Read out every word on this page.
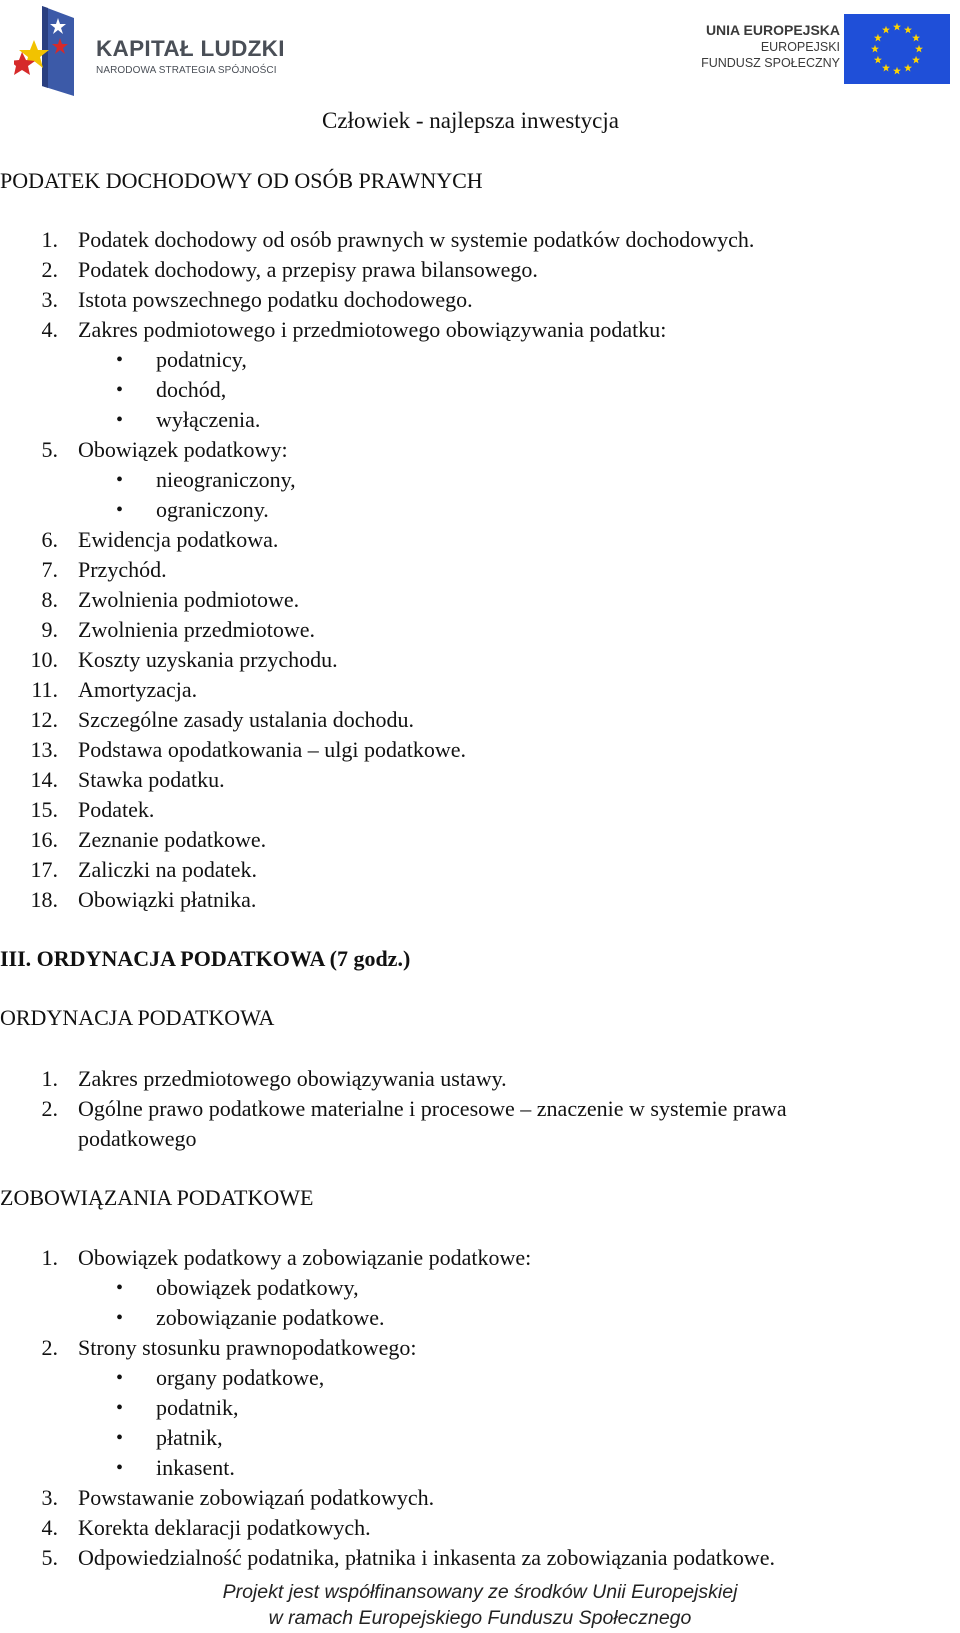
KAPITAŁ LUDZKI
NARODOWA STRATEGIA SPÓJNOŚCI
UNIA EUROPEJSKA
EUROPEJSKI
FUNDUSZ SPOŁECZNY
Człowiek - najlepsza inwestycja
PODATEK DOCHODOWY OD OSÓB PRAWNYCH
1. Podatek dochodowy od osób prawnych w systemie podatków dochodowych.
2. Podatek dochodowy, a przepisy prawa bilansowego.
3. Istota powszechnego podatku dochodowego.
4. Zakres podmiotowego i przedmiotowego obowiązywania podatku:
• podatnicy,
• dochód,
• wyłączenia.
5. Obowiązek podatkowy:
• nieograniczony,
• ograniczony.
6. Ewidencja podatkowa.
7. Przychód.
8. Zwolnienia podmiotowe.
9. Zwolnienia przedmiotowe.
10. Koszty uzyskania przychodu.
11. Amortyzacja.
12. Szczególne zasady ustalania dochodu.
13. Podstawa opodatkowania – ulgi podatkowe.
14. Stawka podatku.
15. Podatek.
16. Zeznanie podatkowe.
17. Zaliczki na podatek.
18. Obowiązki płatnika.
III. ORDYNACJA PODATKOWA (7 godz.)
ORDYNACJA PODATKOWA
1. Zakres przedmiotowego obowiązywania ustawy.
2. Ogólne prawo podatkowe materialne i procesowe – znaczenie w systemie prawa
podatkowego
ZOBOWIĄZANIA PODATKOWE
1. Obowiązek podatkowy a zobowiązanie podatkowe:
• obowiązek podatkowy,
• zobowiązanie podatkowe.
2. Strony stosunku prawnopodatkowego:
• organy podatkowe,
• podatnik,
• płatnik,
• inkasent.
3. Powstawanie zobowiązań podatkowych.
4. Korekta deklaracji podatkowych.
5. Odpowiedzialność podatnika, płatnika i inkasenta za zobowiązania podatkowe.
Projekt jest współfinansowany ze środków Unii Europejskiej
w ramach Europejskiego Funduszu Społecznego
